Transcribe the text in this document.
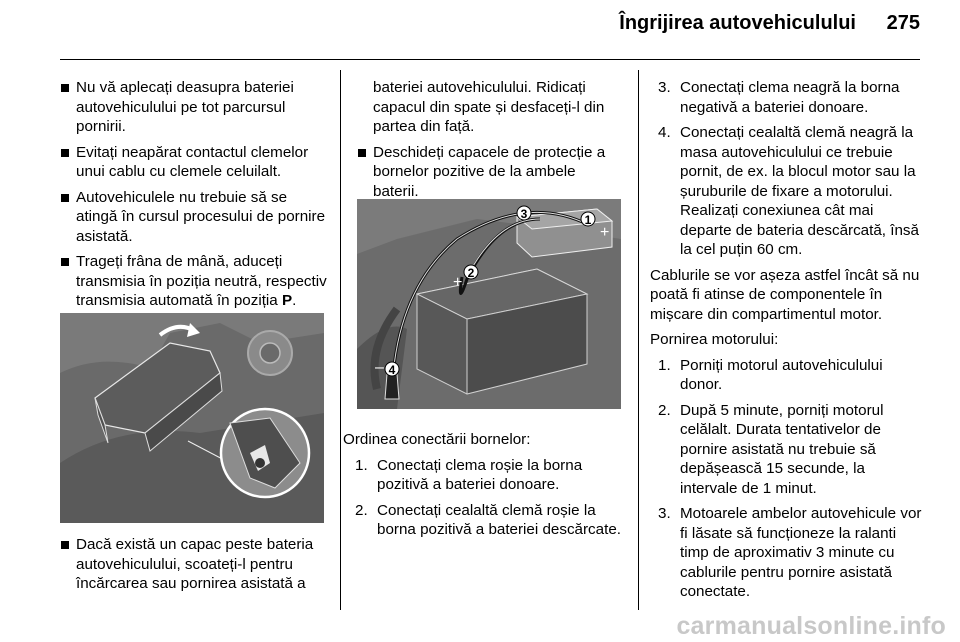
Îngrijirea autovehiculului 275
Nu vă aplecați deasupra bateriei autovehiculului pe tot parcursul pornirii.
Evitați neapărat contactul clemelor unui cablu cu clemele celuilalt.
Autovehiculele nu trebuie să se atingă în cursul procesului de pornire asistată.
Trageți frâna de mână, aduceți transmisia în poziția neutră, respectiv transmisia automată în poziția P.
Dacă există un capac peste bateria autovehiculului, scoateți-l pentru încărcarea sau pornirea asistată a
bateriei autovehiculului. Ridicați capacul din spate și desfaceți-l din partea din față.
Deschideți capacele de protecție a bornelor pozitive de la ambele baterii.
1
2
3
4
+
+
–
Ordinea conectării bornelor:
1. Conectați clema roșie la borna pozitivă a bateriei donoare.
2. Conectați cealaltă clemă roșie la borna pozitivă a bateriei descărcate.
3. Conectați clema neagră la borna negativă a bateriei donoare.
4. Conectați cealaltă clemă neagră la masa autovehiculului ce trebuie pornit, de ex. la blocul motor sau la șuruburile de fixare a motorului. Realizați conexiunea cât mai departe de bateria descărcată, însă la cel puțin 60 cm.
Cablurile se vor așeza astfel încât să nu poată fi atinse de componentele în mișcare din compartimentul motor.
Pornirea motorului:
1. Porniți motorul autovehiculului donor.
2. După 5 minute, porniți motorul celălalt. Durata tentativelor de pornire asistată nu trebuie să depășească 15 secunde, la intervale de 1 minut.
3. Motoarele ambelor autovehicule vor fi lăsate să funcționeze la ralanti timp de aproximativ 3 minute cu cablurile pentru pornire asistată conectate.
carmanualsonline.info
